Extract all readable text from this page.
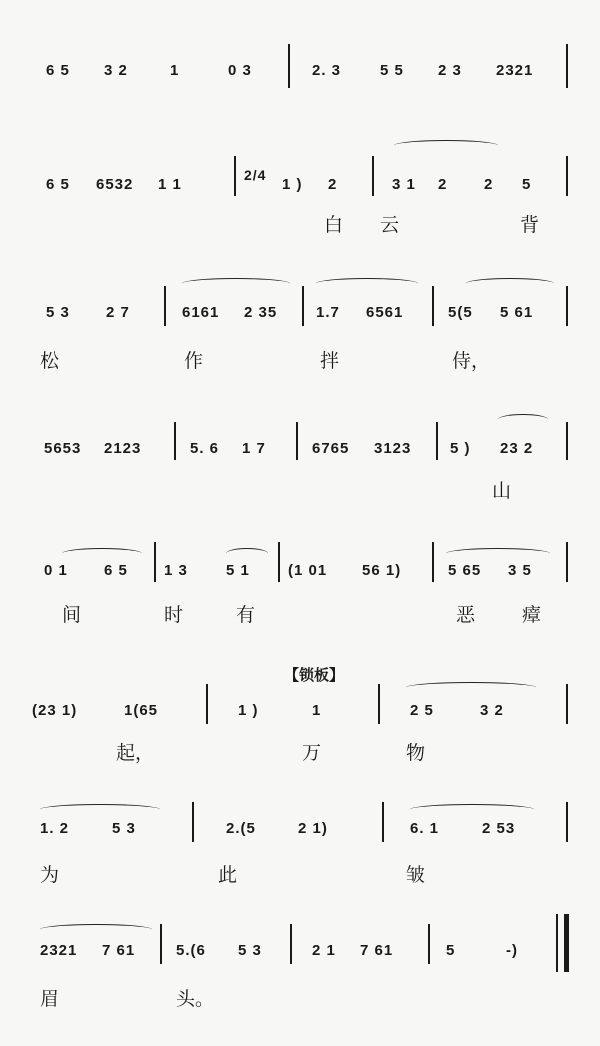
6 5 3 2	1	0 3	2. 3	5 5 2 3 2321
6 5 6532 1 1
2/4
1 ) 2	3 1 2 2 5
白 云	背
5 3 2 7	6161 2 35	1.7 6561	5(5 5 61
松	作	拌	侍，
5653 2123	5. 6 1 7	6765 3123	5 ) 23 2
山
0 1 6 5 1 3	5 1	(1 01 56 1)	5 65 3 5
间	时	有	恶 瘴
【锁板】
(23 1)	1(65	1 )	1	2 5	3 2
起，	万	物
1. 2	5 3	2.(5	2 1)	6. 1	2 53
为	此	皱
2321 7 61	5.(6 5 3	2 1 7 61	5	-)
眉	头。
